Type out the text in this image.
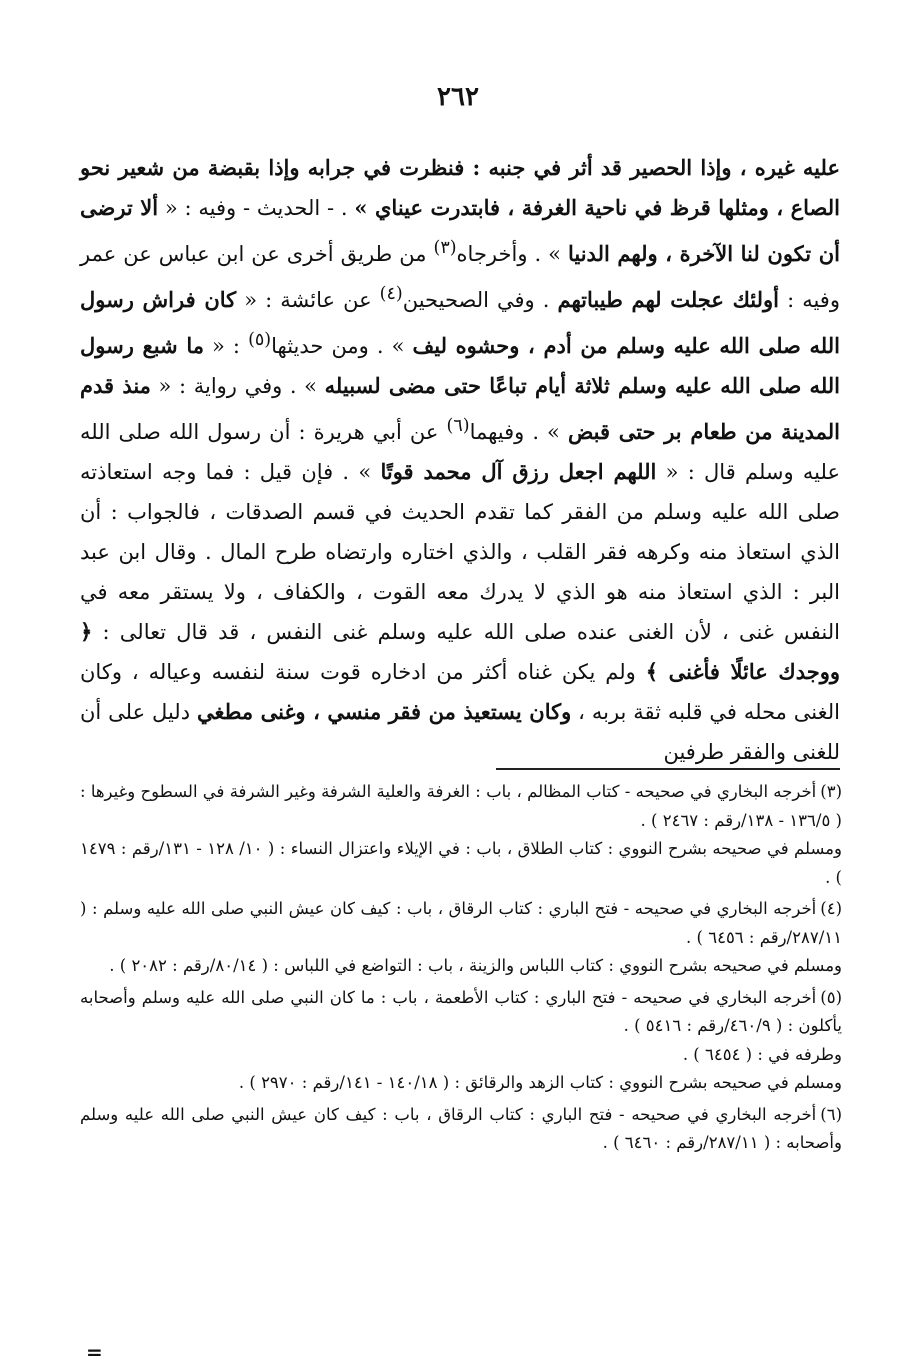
٢٦٢
عليه غيره ، وإذا الحصير قد أثر في جنبه : فنظرت في جرابه وإذا بقبضة من شعير نحو الصاع ، ومثلها قرظ في ناحية الغرفة ، فابتدرت عيناي » . - الحديث - وفيه : « ألا ترضى أن تكون لنا الآخرة ، ولهم الدنيا » . وأخرجاه$^{(٣)}$ من طريق أخرى عن ابن عباس عن عمر وفيه : أولئك عجلت لهم طيباتهم . وفي الصحيحين$^{(٤)}$ عن عائشة : « كان فراش رسول الله صلى الله عليه وسلم من أدم ، وحشوه ليف » . ومن حديثها$^{(٥)}$ : « ما شبع رسول الله صلى الله عليه وسلم ثلاثة أيام تباعًا حتى مضى لسبيله » . وفي رواية : « منذ قدم المدينة من طعام بر حتى قبض » . وفيهما$^{(٦)}$ عن أبي هريرة : أن رسول الله صلى الله عليه وسلم قال : « اللهم اجعل رزق آل محمد قوتًا » . فإن قيل : فما وجه استعاذته صلى الله عليه وسلم من الفقر كما تقدم الحديث في قسم الصدقات ، فالجواب : أن الذي استعاذ منه وكرهه فقر القلب ، والذي اختاره وارتضاه طرح المال . وقال ابن عبد البر : الذي استعاذ منه هو الذي لا يدرك معه القوت ، والكفاف ، ولا يستقر معه في النفس غنى ، لأن الغنى عنده صلى الله عليه وسلم غنى النفس ، قد قال تعالى : ﴿ ووجدك عائلًا فأغنى ﴾ ولم يكن غناه أكثر من ادخاره قوت سنة لنفسه وعياله ، وكان الغنى محله في قلبه ثقة بربه ، وكان يستعيذ من فقر منسي ، وغنى مطغي دليل على أن للغنى والفقر طرفين

(٣)أخرجه البخاري في صحيحه - كتاب المظالم ، باب : الغرفة والعلية الشرفة وغير الشرفة في السطوح وغيرها : ( ١٣٦/٥ - ١٣٨/رقم : ٢٤٦٧ ) .

ومسلم في صحيحه بشرح النووي : كتاب الطلاق ، باب : في الإيلاء واعتزال النساء : ( ١٠/ ١٢٨ - ١٣١/رقم : ١٤٧٩ ) .

(٤)أخرجه البخاري في صحيحه - فتح الباري : كتاب الرقاق ، باب : كيف كان عيش النبي صلى الله عليه وسلم : ( ٢٨٧/١١/رقم : ٦٤٥٦ ) .

ومسلم في صحيحه بشرح النووي : كتاب اللباس والزينة ، باب : التواضع في اللباس : ( ٨٠/١٤/رقم : ٢٠٨٢ ) .

(٥)أخرجه البخاري في صحيحه - فتح الباري : كتاب الأطعمة ، باب : ما كان النبي صلى الله عليه وسلم وأصحابه يأكلون : ( ٤٦٠/٩/رقم : ٥٤١٦ ) .

وطرفه في : ( ٦٤٥٤ ) .

ومسلم في صحيحه بشرح النووي : كتاب الزهد والرقائق : ( ١٤٠/١٨ - ١٤١/رقم : ٢٩٧٠ ) .

(٦)أخرجه البخاري في صحيحه - فتح الباري : كتاب الرقاق ، باب : كيف كان عيش النبي صلى الله عليه وسلم وأصحابه : ( ٢٨٧/١١/رقم : ٦٤٦٠ ) .

=
